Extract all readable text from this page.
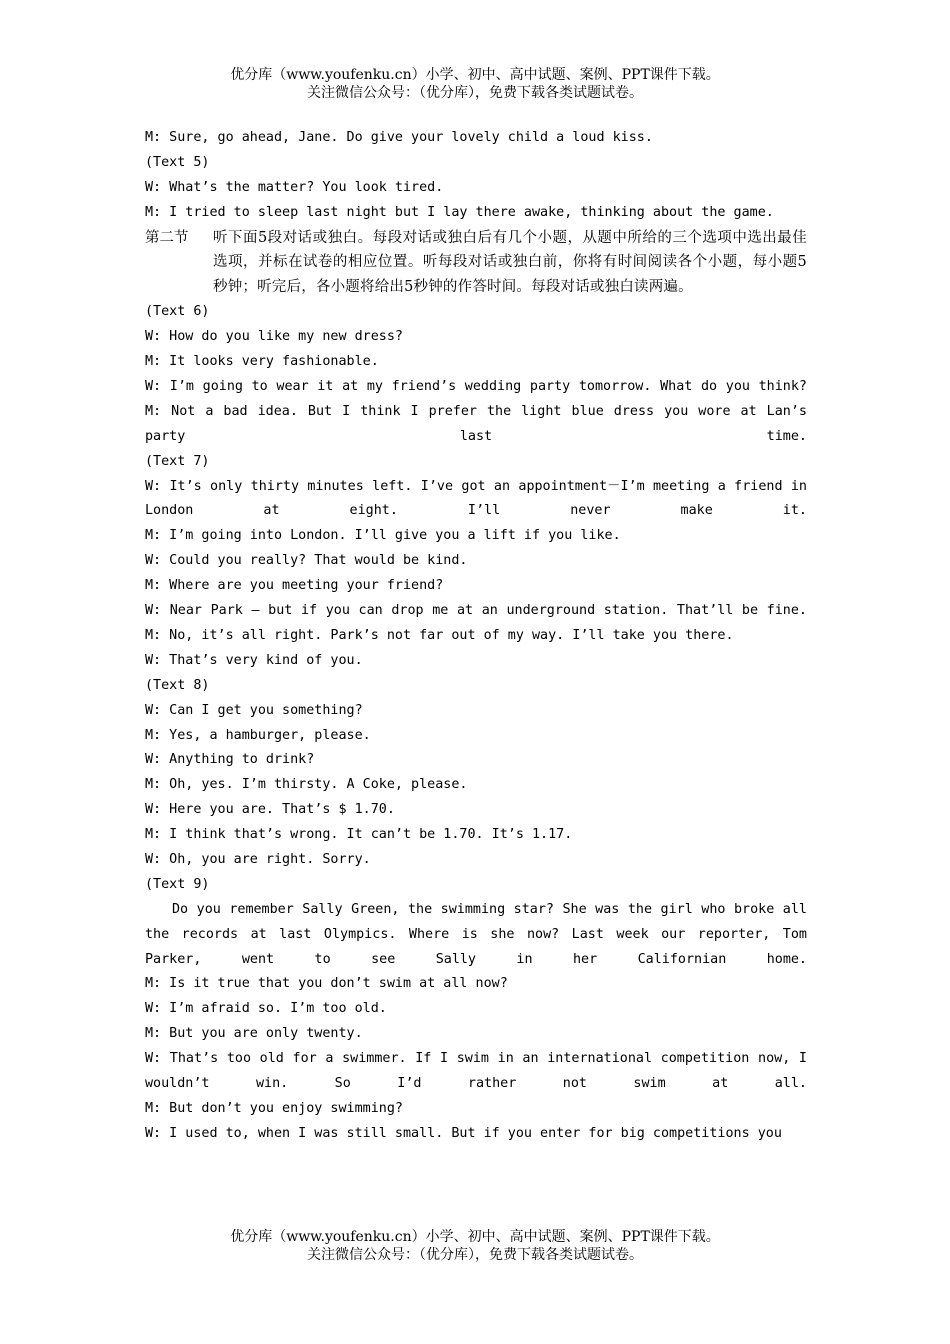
优分库（www.youfenku.cn）小学、初中、高中试题、案例、PPT课件下载。
关注微信公众号：（优分库），免费下载各类试题试卷。
M: Sure, go ahead, Jane. Do give your lovely child a loud kiss.
(Text 5)
W: What’s the matter? You look tired.
M: I tried to sleep last night but I lay there awake, thinking about the game.
第二节	听下面5段对话或独白。每段对话或独白后有几个小题，从题中所给的三个选项中选出最佳选项，并标在试卷的相应位置。听每段对话或独白前，你将有时间阅读各个小题，每小题5秒钟；听完后，各小题将给出5秒钟的作答时间。每段对话或独白读两遍。
(Text 6)
W: How do you like my new dress?
M: It looks very fashionable.
W: I’m going to wear it at my friend’s wedding party tomorrow. What do you think?
M: Not a bad idea. But I think I prefer the light blue dress you wore at Lan’s party last time.
(Text 7)
W: It’s only thirty minutes left. I’ve got an appointment－I’m meeting a friend in London at eight. I’ll never make it.
M: I’m going into London. I’ll give you a lift if you like.
W: Could you really? That would be kind.
M: Where are you meeting your friend?
W: Near Park – but if you can drop me at an underground station. That’ll be fine.
M: No, it’s all right. Park’s not far out of my way. I’ll take you there.
W: That’s very kind of you.
(Text 8)
W: Can I get you something?
M: Yes, a hamburger, please.
W: Anything to drink?
M: Oh, yes. I’m thirsty. A Coke, please.
W: Here you are. That’s $ 1.70.
M: I think that’s wrong. It can’t be 1.70. It’s 1.17.
W: Oh, you are right. Sorry.
(Text 9)
Do you remember Sally Green, the swimming star? She was the girl who broke all the records at last Olympics. Where is she now? Last week our reporter, Tom Parker, went to see Sally in her Californian home.
M: Is it true that you don’t swim at all now?
W: I’m afraid so. I’m too old.
M: But you are only twenty.
W: That’s too old for a swimmer. If I swim in an international competition now, I wouldn’t win. So I’d rather not swim at all.
M: But don’t you enjoy swimming?
W: I used to, when I was still small. But if you enter for big competitions you
优分库（www.youfenku.cn）小学、初中、高中试题、案例、PPT课件下载。
关注微信公众号：（优分库），免费下载各类试题试卷。
